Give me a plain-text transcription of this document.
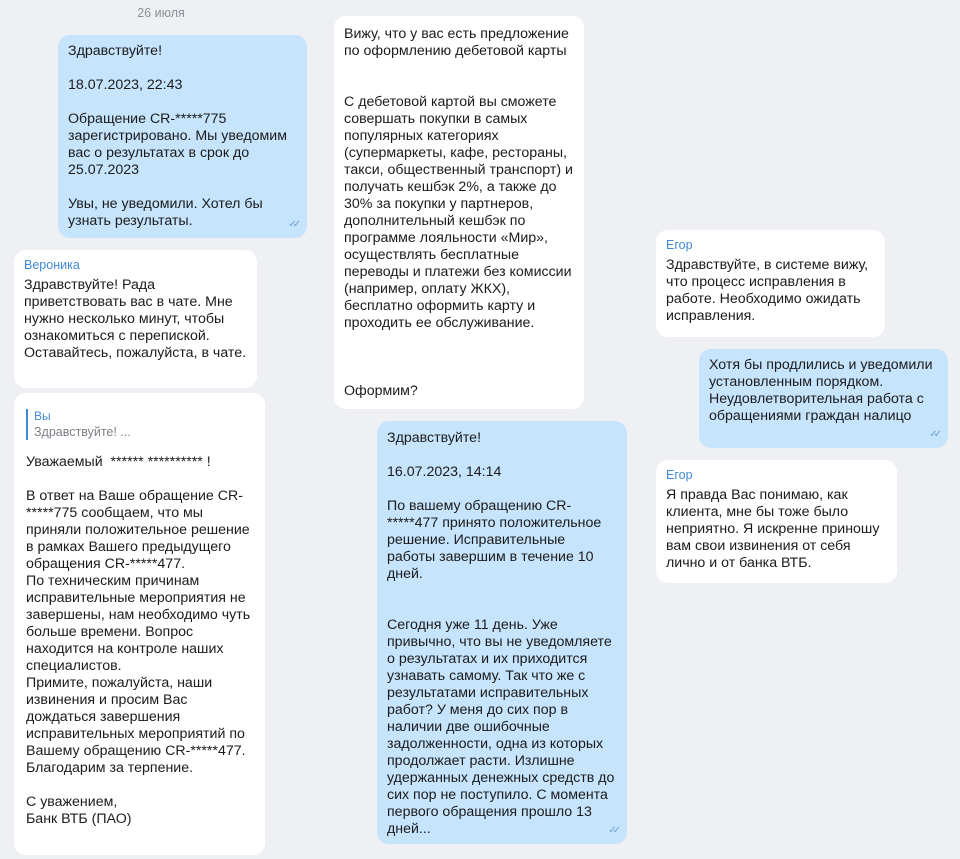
26 июля

Здравствуйте!

18.07.2023, 22:43

Обращение CR-*****775 зарегистрировано. Мы уведомим вас о результатах в срок до 25.07.2023

Увы, не уведомили. Хотел бы узнать результаты.	✓✓
Вероника

Здравствуйте! Рада приветствовать вас в чате. Мне нужно несколько минут, чтобы ознакомиться с перепиской. Оставайтесь, пожалуйста, в чате.

Вы
Здравствуйте! ...

Уважаемый  ****** ********** !

В ответ на Ваше обращение CR-*****775 сообщаем, что мы приняли положительное решение в рамках Вашего предыдущего обращения CR-*****477.
По техническим причинам исправительные мероприятия не завершены, нам необходимо чуть больше времени. Вопрос находится на контроле наших специалистов.
Примите, пожалуйста, наши извинения и просим Вас дождаться завершения исправительных мероприятий по Вашему обращению CR-*****477.
Благодарим за терпение.

С уважением,
Банк ВТБ (ПАО)

Вижу, что у вас есть предложение по оформлению дебетовой карты

С дебетовой картой вы сможете совершать покупки в самых популярных категориях (супермаркеты, кафе, рестораны, такси, общественный транспорт) и получать кешбэк 2%, а также до 30% за покупки у партнеров, дополнительный кешбэк по программе лояльности «Мир», осуществлять бесплатные переводы и платежи без комиссии (например, оплату ЖКХ), бесплатно оформить карту и проходить ее обслуживание.

Оформим?

Здравствуйте!

16.07.2023, 14:14

По вашему обращению CR-*****477 принято положительное решение. Исправительные работы завершим в течение 10 дней.

Сегодня уже 11 день. Уже привычно, что вы не уведомляете о результатах и их приходится узнавать самому. Так что же с результатами исправительных работ? У меня до сих пор в наличии две ошибочные задолженности, одна из которых продолжает расти. Излишне удержанных денежных средств до сих пор не поступило. С момента первого обращения прошло 13 дней...	✓✓
Егор

Здравствуйте, в системе вижу, что процесс исправления в работе. Необходимо ожидать исправления.

Хотя бы продлились и уведомили установленным порядком. Неудовлетворительная работа с обращениями граждан налицо

✓✓
Егор

Я правда Вас понимаю, как клиента, мне бы тоже было неприятно. Я искренне приношу вам свои извинения от себя лично и от банка ВТБ.
